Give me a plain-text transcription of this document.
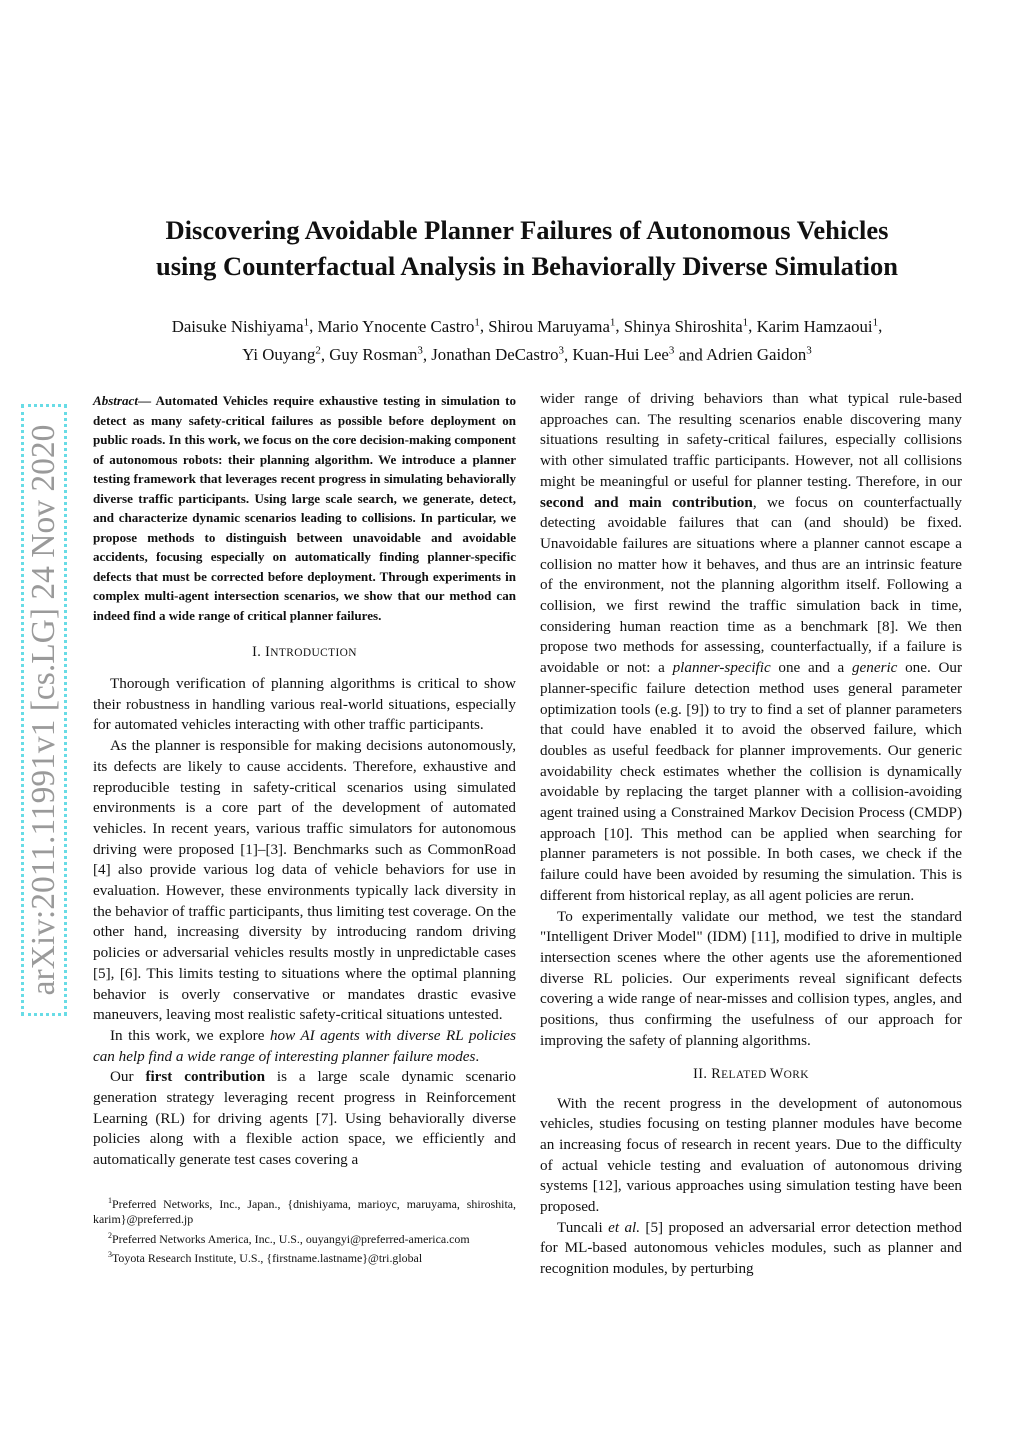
Discovering Avoidable Planner Failures of Autonomous Vehicles
using Counterfactual Analysis in Behaviorally Diverse Simulation
Daisuke Nishiyama$^1$, Mario Ynocente Castro$^1$, Shirou Maruyama$^1$, Shinya Shiroshita$^1$, Karim Hamzaoui$^1$,
Yi Ouyang$^2$, Guy Rosman$^3$, Jonathan DeCastro$^3$, Kuan-Hui Lee$^3$ and Adrien Gaidon$^3$
arXiv:2011.11991v1 [cs.LG] 24 Nov 2020

Abstract— Automated Vehicles require exhaustive testing in simulation to detect as many safety-critical failures as possible before deployment on public roads. In this work, we focus on the core decision-making component of autonomous robots: their planning algorithm. We introduce a planner testing framework that leverages recent progress in simulating behaviorally diverse traffic participants. Using large scale search, we generate, detect, and characterize dynamic scenarios leading to collisions. In particular, we propose methods to distinguish between unavoidable and avoidable accidents, focusing especially on automatically finding planner-specific defects that must be corrected before deployment. Through experiments in complex multi-agent intersection scenarios, we show that our method can indeed find a wide range of critical planner failures.

I. INTRODUCTION

Thorough verification of planning algorithms is critical to show their robustness in handling various real-world situations, especially for automated vehicles interacting with other traffic participants.

As the planner is responsible for making decisions autonomously, its defects are likely to cause accidents. Therefore, exhaustive and reproducible testing in safety-critical scenarios using simulated environments is a core part of the development of automated vehicles. In recent years, various traffic simulators for autonomous driving were proposed [1]–[3]. Benchmarks such as CommonRoad [4] also provide various log data of vehicle behaviors for use in evaluation. However, these environments typically lack diversity in the behavior of traffic participants, thus limiting test coverage. On the other hand, increasing diversity by introducing random driving policies or adversarial vehicles results mostly in unpredictable cases [5], [6]. This limits testing to situations where the optimal planning behavior is overly conservative or mandates drastic evasive maneuvers, leaving most realistic safety-critical situations untested.

In this work, we explore how AI agents with diverse RL policies can help find a wide range of interesting planner failure modes.

Our first contribution is a large scale dynamic scenario generation strategy leveraging recent progress in Reinforcement Learning (RL) for driving agents [7]. Using behaviorally diverse policies along with a flexible action space, we efficiently and automatically generate test cases covering a

$^1$Preferred Networks, Inc., Japan., {dnishiyama, marioyc, maruyama, shiroshita, karim}@preferred.jp

$^2$Preferred Networks America, Inc., U.S., ouyangyi@preferred-america.com

$^3$Toyota Research Institute, U.S., {firstname.lastname}@tri.global

wider range of driving behaviors than what typical rule-based approaches can. The resulting scenarios enable discovering many situations resulting in safety-critical failures, especially collisions with other simulated traffic participants. However, not all collisions might be meaningful or useful for planner testing. Therefore, in our second and main contribution, we focus on counterfactually detecting avoidable failures that can (and should) be fixed. Unavoidable failures are situations where a planner cannot escape a collision no matter how it behaves, and thus are an intrinsic feature of the environment, not the planning algorithm itself. Following a collision, we first rewind the traffic simulation back in time, considering human reaction time as a benchmark [8]. We then propose two methods for assessing, counterfactually, if a failure is avoidable or not: a planner-specific one and a generic one. Our planner-specific failure detection method uses general parameter optimization tools (e.g. [9]) to try to find a set of planner parameters that could have enabled it to avoid the observed failure, which doubles as useful feedback for planner improvements. Our generic avoidability check estimates whether the collision is dynamically avoidable by replacing the target planner with a collision-avoiding agent trained using a Constrained Markov Decision Process (CMDP) approach [10]. This method can be applied when searching for planner parameters is not possible. In both cases, we check if the failure could have been avoided by resuming the simulation. This is different from historical replay, as all agent policies are rerun.

To experimentally validate our method, we test the standard "Intelligent Driver Model" (IDM) [11], modified to drive in multiple intersection scenes where the other agents use the aforementioned diverse RL policies. Our experiments reveal significant defects covering a wide range of near-misses and collision types, angles, and positions, thus confirming the usefulness of our approach for improving the safety of planning algorithms.

II. RELATED WORK

With the recent progress in the development of autonomous vehicles, studies focusing on testing planner modules have become an increasing focus of research in recent years. Due to the difficulty of actual vehicle testing and evaluation of autonomous driving systems [12], various approaches using simulation testing have been proposed.

Tuncali et al. [5] proposed an adversarial error detection method for ML-based autonomous vehicles modules, such as planner and recognition modules, by perturbing
